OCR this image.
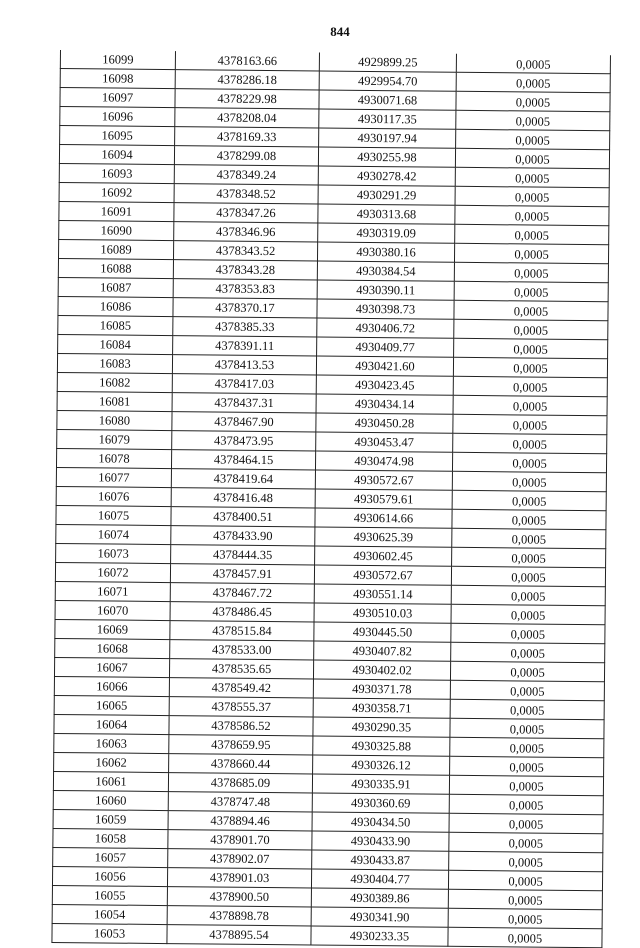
844
16099	4378163.66	4929899.25	0,0005
16098	4378286.18	4929954.70	0,0005
16097	4378229.98	4930071.68	0,0005
16096	4378208.04	4930117.35	0,0005
16095	4378169.33	4930197.94	0,0005
16094	4378299.08	4930255.98	0,0005
16093	4378349.24	4930278.42	0,0005
16092	4378348.52	4930291.29	0,0005
16091	4378347.26	4930313.68	0,0005
16090	4378346.96	4930319.09	0,0005
16089	4378343.52	4930380.16	0,0005
16088	4378343.28	4930384.54	0,0005
16087	4378353.83	4930390.11	0,0005
16086	4378370.17	4930398.73	0,0005
16085	4378385.33	4930406.72	0,0005
16084	4378391.11	4930409.77	0,0005
16083	4378413.53	4930421.60	0,0005
16082	4378417.03	4930423.45	0,0005
16081	4378437.31	4930434.14	0,0005
16080	4378467.90	4930450.28	0,0005
16079	4378473.95	4930453.47	0,0005
16078	4378464.15	4930474.98	0,0005
16077	4378419.64	4930572.67	0,0005
16076	4378416.48	4930579.61	0,0005
16075	4378400.51	4930614.66	0,0005
16074	4378433.90	4930625.39	0,0005
16073	4378444.35	4930602.45	0,0005
16072	4378457.91	4930572.67	0,0005
16071	4378467.72	4930551.14	0,0005
16070	4378486.45	4930510.03	0,0005
16069	4378515.84	4930445.50	0,0005
16068	4378533.00	4930407.82	0,0005
16067	4378535.65	4930402.02	0,0005
16066	4378549.42	4930371.78	0,0005
16065	4378555.37	4930358.71	0,0005
16064	4378586.52	4930290.35	0,0005
16063	4378659.95	4930325.88	0,0005
16062	4378660.44	4930326.12	0,0005
16061	4378685.09	4930335.91	0,0005
16060	4378747.48	4930360.69	0,0005
16059	4378894.46	4930434.50	0,0005
16058	4378901.70	4930433.90	0,0005
16057	4378902.07	4930433.87	0,0005
16056	4378901.03	4930404.77	0,0005
16055	4378900.50	4930389.86	0,0005
16054	4378898.78	4930341.90	0,0005
16053	4378895.54	4930233.35	0,0005
